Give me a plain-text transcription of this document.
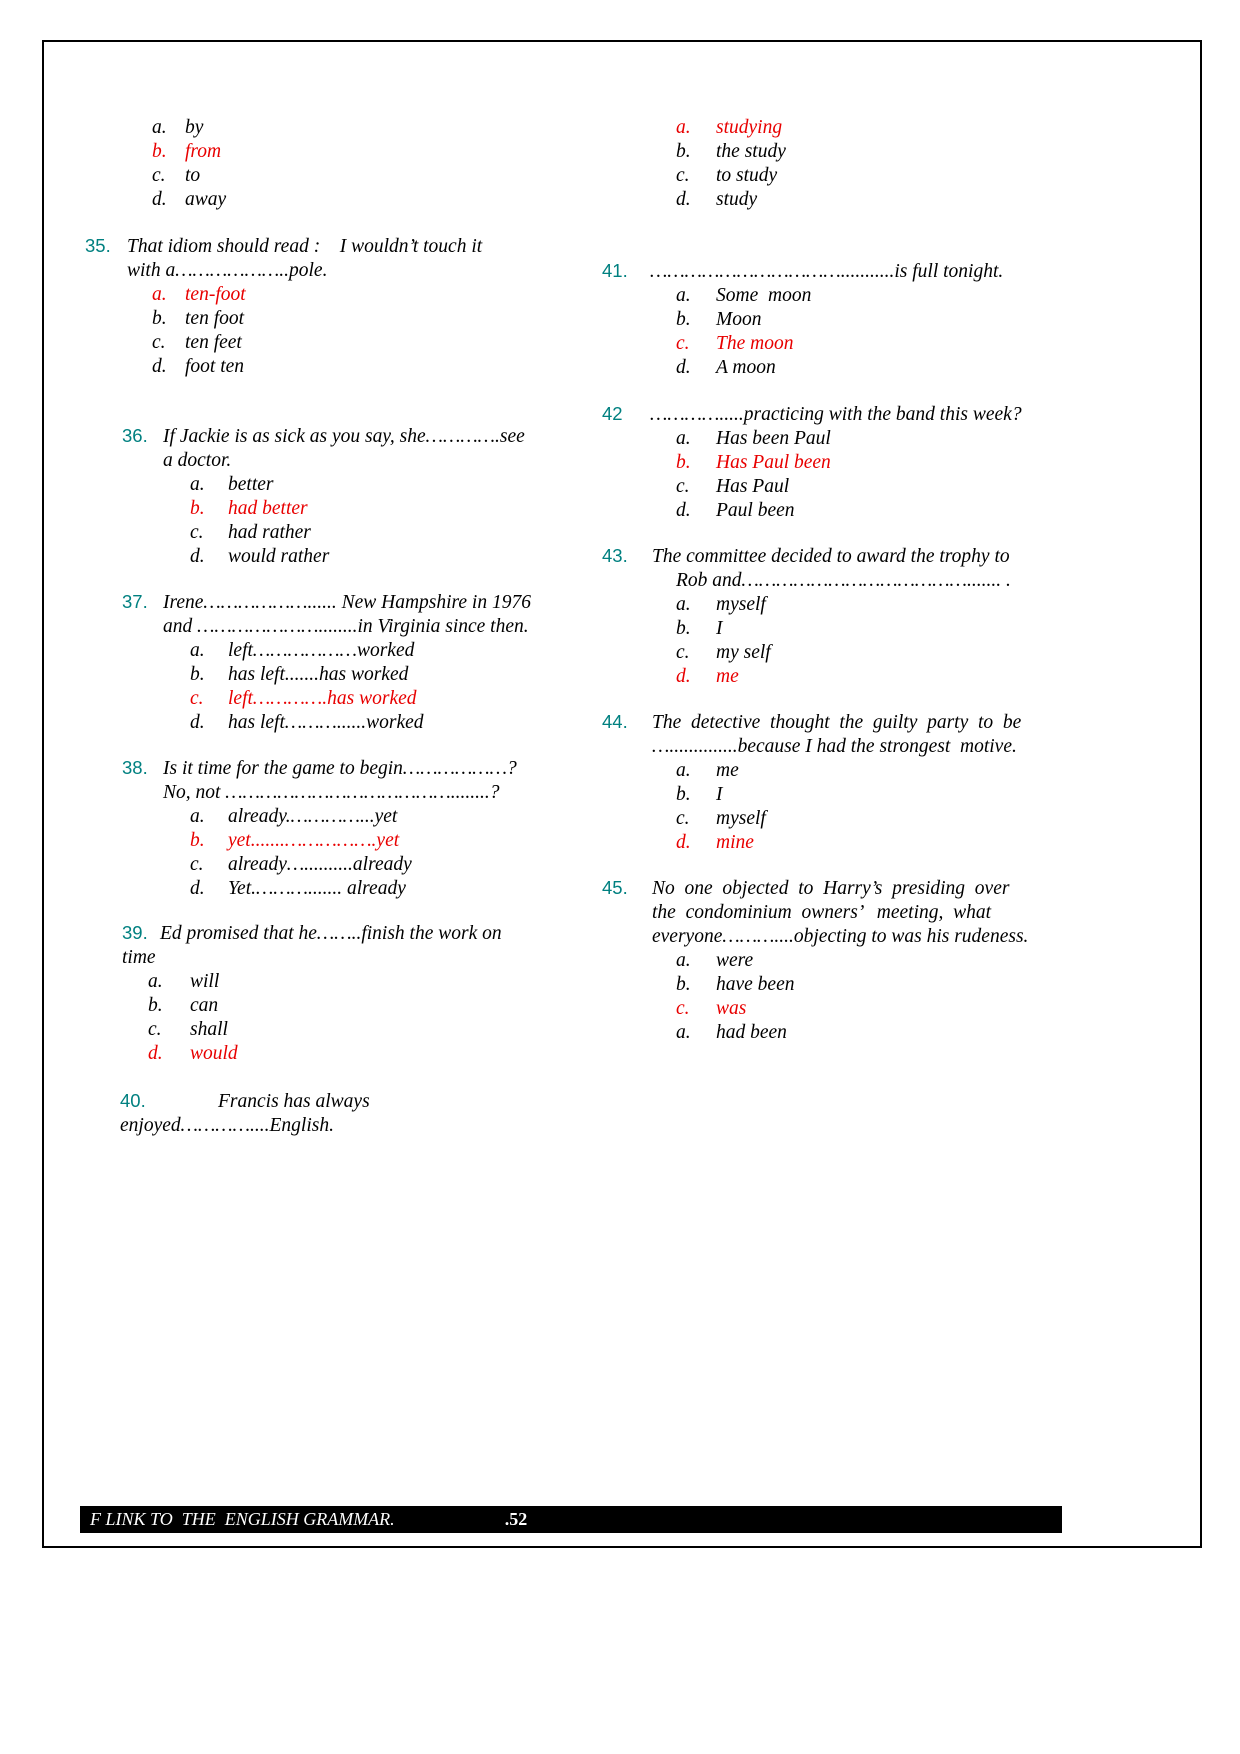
a. by
b. from
c. to
d. away
35. That idiom should read :    I wouldn’t touch it
with a………………..pole.
a. ten-foot
b. ten foot
c. ten feet
d. foot ten
36. If Jackie is as sick as you say, she………….see
a doctor.
a.	better
b.	had better
c.	had rather
d.	would rather
37. Irene………………...... New Hampshire in 1976
and …………………........in Virginia since then.
a.	left………………worked
b.	has left.......has worked
c.	left………….has worked
d.	has left………......worked
38. Is it time for the game to begin………………?
No, not …………………………………........?
a.	already.…………...yet
b.	yet.......…………….yet
c.	already…..........already
d.	Yet.………....... already
39. Ed promised that he……..finish the work on
time
a.	will
b.	can
c.	shall
d.	would
40.	Francis has always
enjoyed…………....English.
a.	studying
b.	the study
c.	to study
d.	study
41. ……………………………...........is full tonight.
a.	Some  moon
b.	Moon
c.	The moon
d.	A moon
42 ………….....practicing with the band this week?
a.	Has been Paul
b.	Has Paul been
c.	Has Paul
d.	Paul been
43. The committee decided to award the trophy to
Rob and…………………………………....... .
a.	myself
b.	I
c.	my self
d.	me
44. The  detective  thought  the  guilty  party  to  be
…..............because I had the strongest  motive.
a.	me
b.	I
c.	myself
d.	mine
45. No  one  objected  to  Harry’s  presiding  over
the  condominium  owners’   meeting,  what
everyone………....objecting to was his rudeness.
a.	were
b.	have been
c.	was
a.	had been
F LINK TO  THE  ENGLISH GRAMMAR.	.52
